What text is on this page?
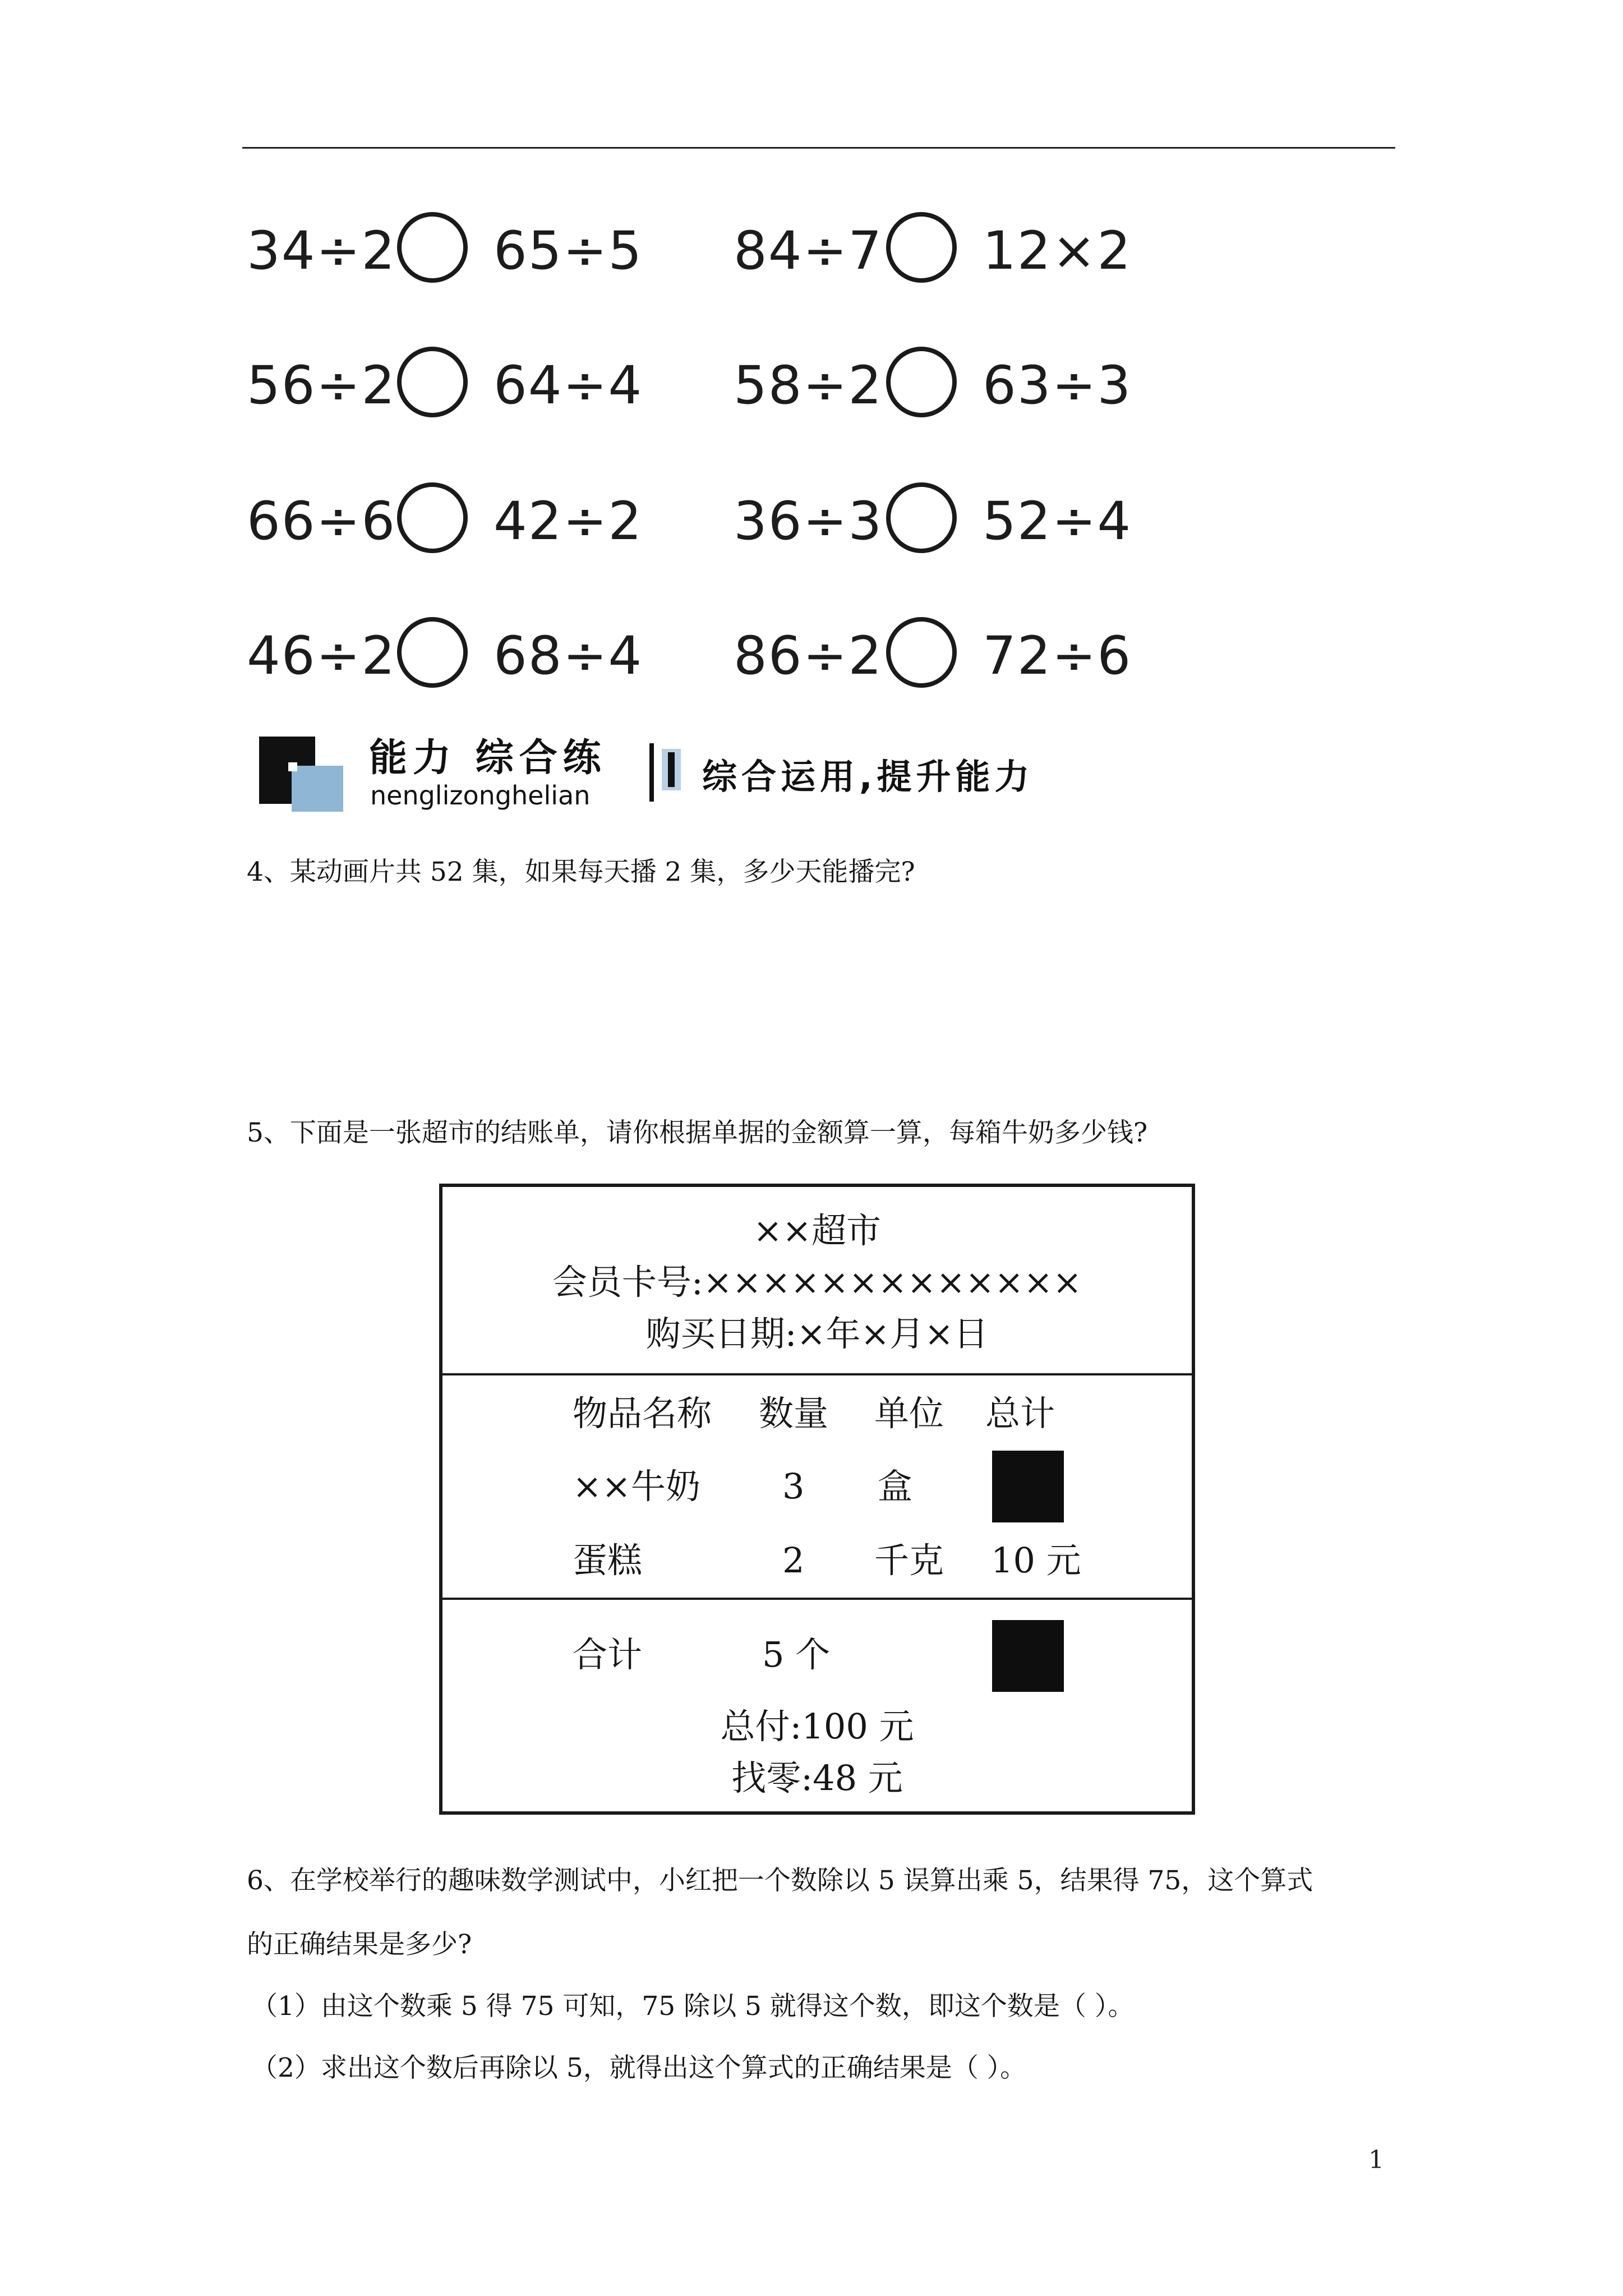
34÷2 65÷5 84÷7 12×2
56÷2 64÷4 58÷2 63÷3
66÷6 42÷2 36÷3 52÷4
46÷2 68÷4 86÷2 72÷6
能力 综合练
nenglizonghelian	综合运用,提升能力
4、某动画片共 52 集，如果每天播 2 集，多少天能播完?
5、下面是一张超市的结账单，请你根据单据的金额算一算，每箱牛奶多少钱?
××超市
会员卡号:×××××××××××××
购买日期:×年×月×日
物品名称 数量 单位 总计
××牛奶 3 盒
蛋糕	2 千克 10 元
合计	5 个
总付:100 元
找零:48 元
6、在学校举行的趣味数学测试中，小红把一个数除以 5 误算出乘 5，结果得 75，这个算式
的正确结果是多少?
（1）由这个数乘 5 得 75 可知，75 除以 5 就得这个数，即这个数是（ ）。
（2）求出这个数后再除以 5，就得出这个算式的正确结果是（ ）。
1
